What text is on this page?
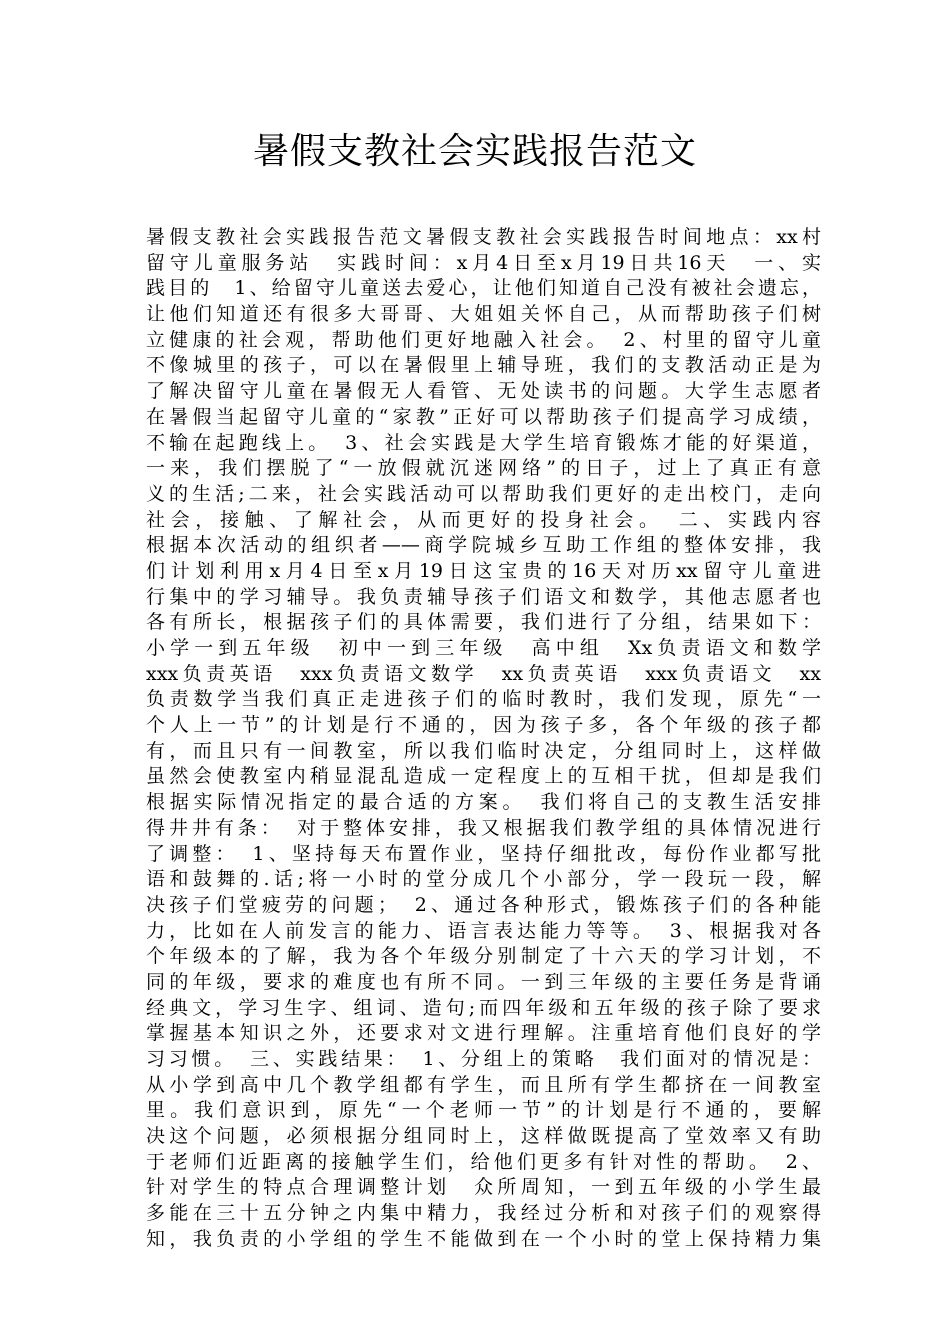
暑假支教社会实践报告范文
暑假支教社会实践报告范文暑假支教社会实践报告时间地点：xx村
留守儿童服务站　实践时间：x月4日至x月19日共16天　一、实
践目的　1、给留守儿童送去爱心，让他们知道自己没有被社会遗忘，
让他们知道还有很多大哥哥、大姐姐关怀自己，从而帮助孩子们树
立健康的社会观，帮助他们更好地融入社会。　2、村里的留守儿童
不像城里的孩子，可以在暑假里上辅导班，我们的支教活动正是为
了解决留守儿童在暑假无人看管、无处读书的问题。大学生志愿者
在暑假当起留守儿童的“家教”正好可以帮助孩子们提高学习成绩，
不输在起跑线上。　3、社会实践是大学生培育锻炼才能的好渠道，
一来，我们摆脱了“一放假就沉迷网络”的日子，过上了真正有意
义的生活;二来，社会实践活动可以帮助我们更好的走出校门，走向
社会，接触、了解社会，从而更好的投身社会。　二、实践内容
根据本次活动的组织者——商学院城乡互助工作组的整体安排，我
们计划利用x月4日至x月19日这宝贵的16天对历xx留守儿童进
行集中的学习辅导。我负责辅导孩子们语文和数学，其他志愿者也
各有所长，根据孩子们的具体需要，我们进行了分组，结果如下：
小学一到五年级　初中一到三年级　高中组　Xx负责语文和数学
xxx负责英语　xxx负责语文数学　xx负责英语　xxx负责语文　xx
负责数学当我们真正走进孩子们的临时教时，我们发现，原先“一
个人上一节”的计划是行不通的，因为孩子多，各个年级的孩子都
有，而且只有一间教室，所以我们临时决定，分组同时上，这样做
虽然会使教室内稍显混乱造成一定程度上的互相干扰，但却是我们
根据实际情况指定的最合适的方案。　我们将自己的支教生活安排
得井井有条：　对于整体安排，我又根据我们教学组的具体情况进行
了调整：　1、坚持每天布置作业，坚持仔细批改，每份作业都写批
语和鼓舞的.话;将一小时的堂分成几个小部分，学一段玩一段，解
决孩子们堂疲劳的问题；　2、通过各种形式，锻炼孩子们的各种能
力，比如在人前发言的能力、语言表达能力等等。　3、根据我对各
个年级本的了解，我为各个年级分别制定了十六天的学习计划，不
同的年级，要求的难度也有所不同。一到三年级的主要任务是背诵
经典文，学习生字、组词、造句;而四年级和五年级的孩子除了要求
掌握基本知识之外，还要求对文进行理解。注重培育他们良好的学
习习惯。　三、实践结果：　1、分组上的策略　我们面对的情况是：
从小学到高中几个教学组都有学生，而且所有学生都挤在一间教室
里。我们意识到，原先“一个老师一节”的计划是行不通的，要解
决这个问题，必须根据分组同时上，这样做既提高了堂效率又有助
于老师们近距离的接触学生们，给他们更多有针对性的帮助。　2、
针对学生的特点合理调整计划　众所周知，一到五年级的小学生最
多能在三十五分钟之内集中精力，我经过分析和对孩子们的观察得
知，我负责的小学组的学生不能做到在一个小时的堂上保持精力集
